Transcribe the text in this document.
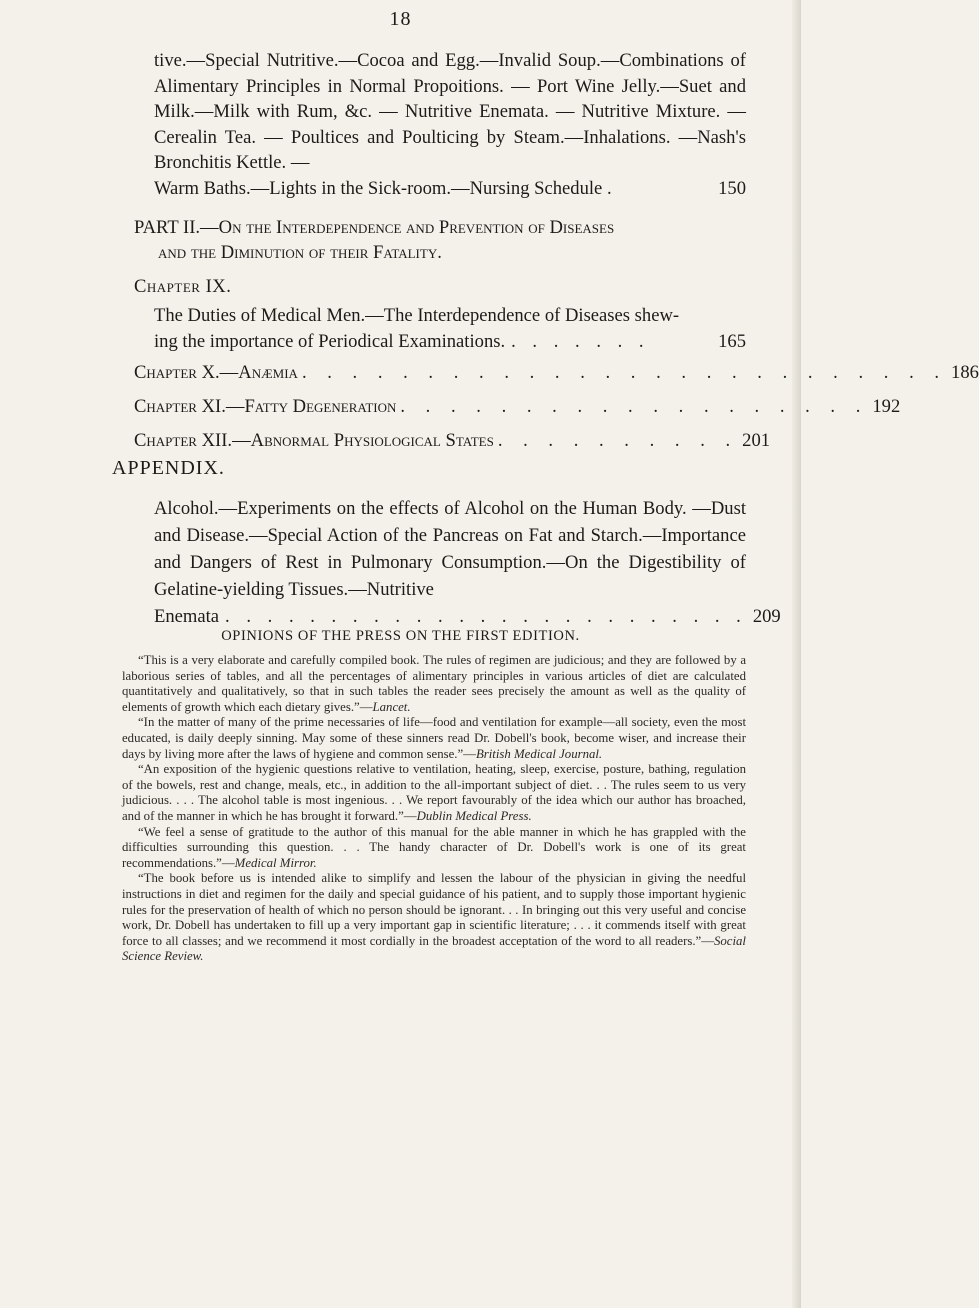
18
tive.—Special Nutritive.—Cocoa and Egg.—Invalid Soup.—Combinations of Alimentary Principles in Normal Propoitions. — Port Wine Jelly.—Suet and Milk.—Milk with Rum, &c. — Nutritive Enemata. — Nutritive Mixture. — Cerealin Tea. — Poultices and Poulticing by Steam.—Inhalations. —Nash's Bronchitis Kettle. —
Warm Baths.—Lights in the Sick-room.—Nursing Schedule .	150
PART II.—On the Interdependence and Prevention of Diseases
and the Diminution of their Fatality.
Chapter IX.
The Duties of Medical Men.—The Interdependence of Diseases shew-
ing the importance of Periodical Examinations. . . . . . . .	165
Chapter X.—Anæmia . . . . . . . . . . . . . . . . . . . . . . . . . . 186
Chapter XI.—Fatty Degeneration . . . . . . . . . . . . . . . . . . . 192
Chapter XII.—Abnormal Physiological States . . . . . . . . . . 201
APPENDIX.
Alcohol.—Experiments on the effects of Alcohol on the Human Body. —Dust and Disease.—Special Action of the Pancreas on Fat and Starch.—Importance and Dangers of Rest in Pulmonary Consumption.—On the Digestibility of Gelatine-yielding Tissues.—Nutritive
Enemata . . . . . . . . . . . . . . . . . . . . . . . . . 209
OPINIONS OF THE PRESS ON THE FIRST EDITION.

“This is a very elaborate and carefully compiled book. The rules of regimen are judicious; and they are followed by a laborious series of tables, and all the percentages of alimentary principles in various articles of diet are calculated quantitatively and qualitatively, so that in such tables the reader sees precisely the amount as well as the quality of elements of growth which each dietary gives.”—Lancet.

“In the matter of many of the prime necessaries of life—food and ventilation for example—all society, even the most educated, is daily deeply sinning. May some of these sinners read Dr. Dobell's book, become wiser, and increase their days by living more after the laws of hygiene and common sense.”—British Medical Journal.

“An exposition of the hygienic questions relative to ventilation, heating, sleep, exercise, posture, bathing, regulation of the bowels, rest and change, meals, etc., in addition to the all-important subject of diet. . . The rules seem to us very judicious. . . . The alcohol table is most ingenious. . . We report favourably of the idea which our author has broached, and of the manner in which he has brought it forward.”—Dublin Medical Press.

“We feel a sense of gratitude to the author of this manual for the able manner in which he has grappled with the difficulties surrounding this question. . . The handy character of Dr. Dobell's work is one of its great recommendations.”—Medical Mirror.

“The book before us is intended alike to simplify and lessen the labour of the physician in giving the needful instructions in diet and regimen for the daily and special guidance of his patient, and to supply those important hygienic rules for the preservation of health of which no person should be ignorant. . . In bringing out this very useful and concise work, Dr. Dobell has undertaken to fill up a very important gap in scientific literature; . . . it commends itself with great force to all classes; and we recommend it most cordially in the broadest acceptation of the word to all readers.”—Social Science Review.
